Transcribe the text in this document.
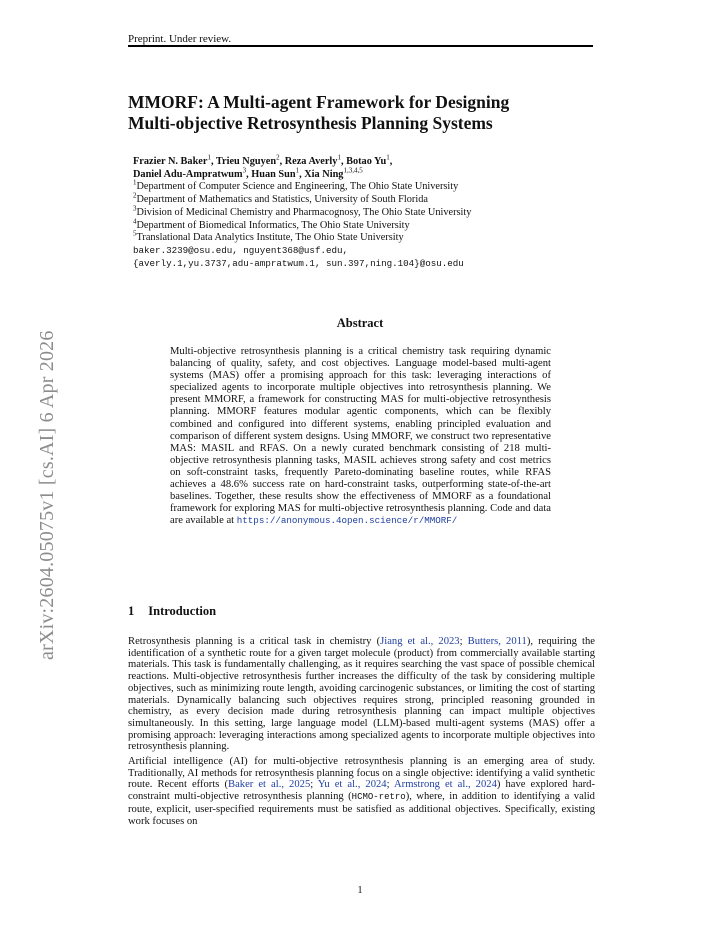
Preprint. Under review.
MMORF: A Multi-agent Framework for Designing
Multi-objective Retrosynthesis Planning Systems
Frazier N. Baker$^1$, Trieu Nguyen$^2$, Reza Averly$^1$, Botao Yu$^1$,
Daniel Adu-Ampratwum$^3$, Huan Sun$^1$, Xia Ning$^{1,3,4,5}$
$^1$Department of Computer Science and Engineering, The Ohio State University
$^2$Department of Mathematics and Statistics, University of South Florida
$^3$Division of Medicinal Chemistry and Pharmacognosy, The Ohio State University
$^4$Department of Biomedical Informatics, The Ohio State University
$^5$Translational Data Analytics Institute, The Ohio State University
baker.3239@osu.edu, nguyent368@usf.edu,
{averly.1,yu.3737,adu-ampratwum.1, sun.397,ning.104}@osu.edu
Abstract
Multi-objective retrosynthesis planning is a critical chemistry task requiring dynamic balancing of quality, safety, and cost objectives. Language model-based multi-agent systems (MAS) offer a promising approach for this task: leveraging interactions of specialized agents to incorporate multiple objectives into retrosynthesis planning. We present MMORF, a framework for constructing MAS for multi-objective retrosynthesis planning. MMORF features modular agentic components, which can be flexibly combined and configured into different systems, enabling principled evaluation and comparison of different system designs. Using MMORF, we construct two representative MAS: MASIL and RFAS. On a newly curated benchmark consisting of 218 multi-objective retrosynthesis planning tasks, MASIL achieves strong safety and cost metrics on soft-constraint tasks, frequently Pareto-dominating baseline routes, while RFAS achieves a 48.6% success rate on hard-constraint tasks, outperforming state-of-the-art baselines. Together, these results show the effectiveness of MMORF as a foundational framework for exploring MAS for multi-objective retrosynthesis planning. Code and data are available at https://anonymous.4open.science/r/MMORF/
1 Introduction
Retrosynthesis planning is a critical task in chemistry (Jiang et al., 2023; Butters, 2011), requiring the identification of a synthetic route for a given target molecule (product) from commercially available starting materials. This task is fundamentally challenging, as it requires searching the vast space of possible chemical reactions. Multi-objective retrosynthesis further increases the difficulty of the task by considering multiple objectives, such as minimizing route length, avoiding carcinogenic substances, or limiting the cost of starting materials. Dynamically balancing such objectives requires strong, principled reasoning grounded in chemistry, as every decision made during retrosynthesis planning can impact multiple objectives simultaneously. In this setting, large language model (LLM)-based multi-agent systems (MAS) offer a promising approach: leveraging interactions among specialized agents to incorporate multiple objectives into retrosynthesis planning.
Artificial intelligence (AI) for multi-objective retrosynthesis planning is an emerging area of study. Traditionally, AI methods for retrosynthesis planning focus on a single objective: identifying a valid synthetic route. Recent efforts (Baker et al., 2025; Yu et al., 2024; Armstrong et al., 2024) have explored hard-constraint multi-objective retrosynthesis planning (HCMO-retro), where, in addition to identifying a valid route, explicit, user-specified requirements must be satisfied as additional objectives. Specifically, existing work focuses on
1
arXiv:2604.05075v1 [cs.AI] 6 Apr 2026
